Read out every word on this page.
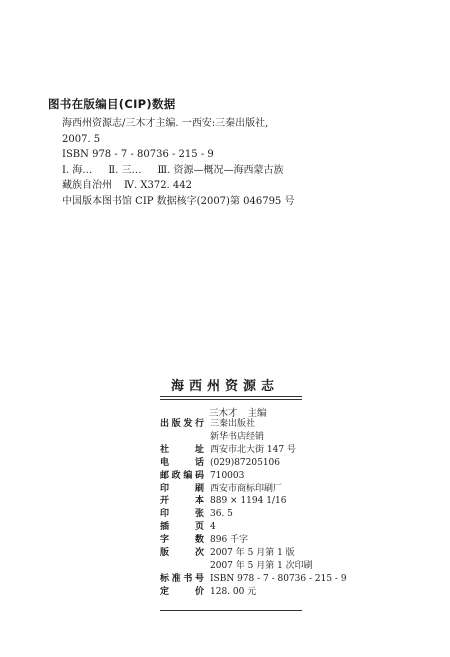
图书在版编目(CIP)数据
海西州资源志/三木才主编. 一西安:三秦出版社,
2007. 5
ISBN 978 - 7 - 80736 - 215 - 9
Ⅰ. 海… Ⅱ. 三… Ⅲ. 资源—概况—海西蒙古族
藏族自治州 Ⅳ. X372. 442
中国版本图书馆 CIP 数据核字(2007)第 046795 号
海西州资源志
三木才 主编
出版发行 三秦出版社
新华书店经销
社址 西安市北大街 147 号
电话 (029)87205106
邮政编码 710003
印刷 西安市商标印刷厂
开本 889 × 1194 1/16
印张 36. 5
插页 4
字数 896 千字
版次 2007 年 5 月第 1 版
2007 年 5 月第 1 次印刷
标准书号 ISBN 978 - 7 - 80736 - 215 - 9
定价 128. 00 元
